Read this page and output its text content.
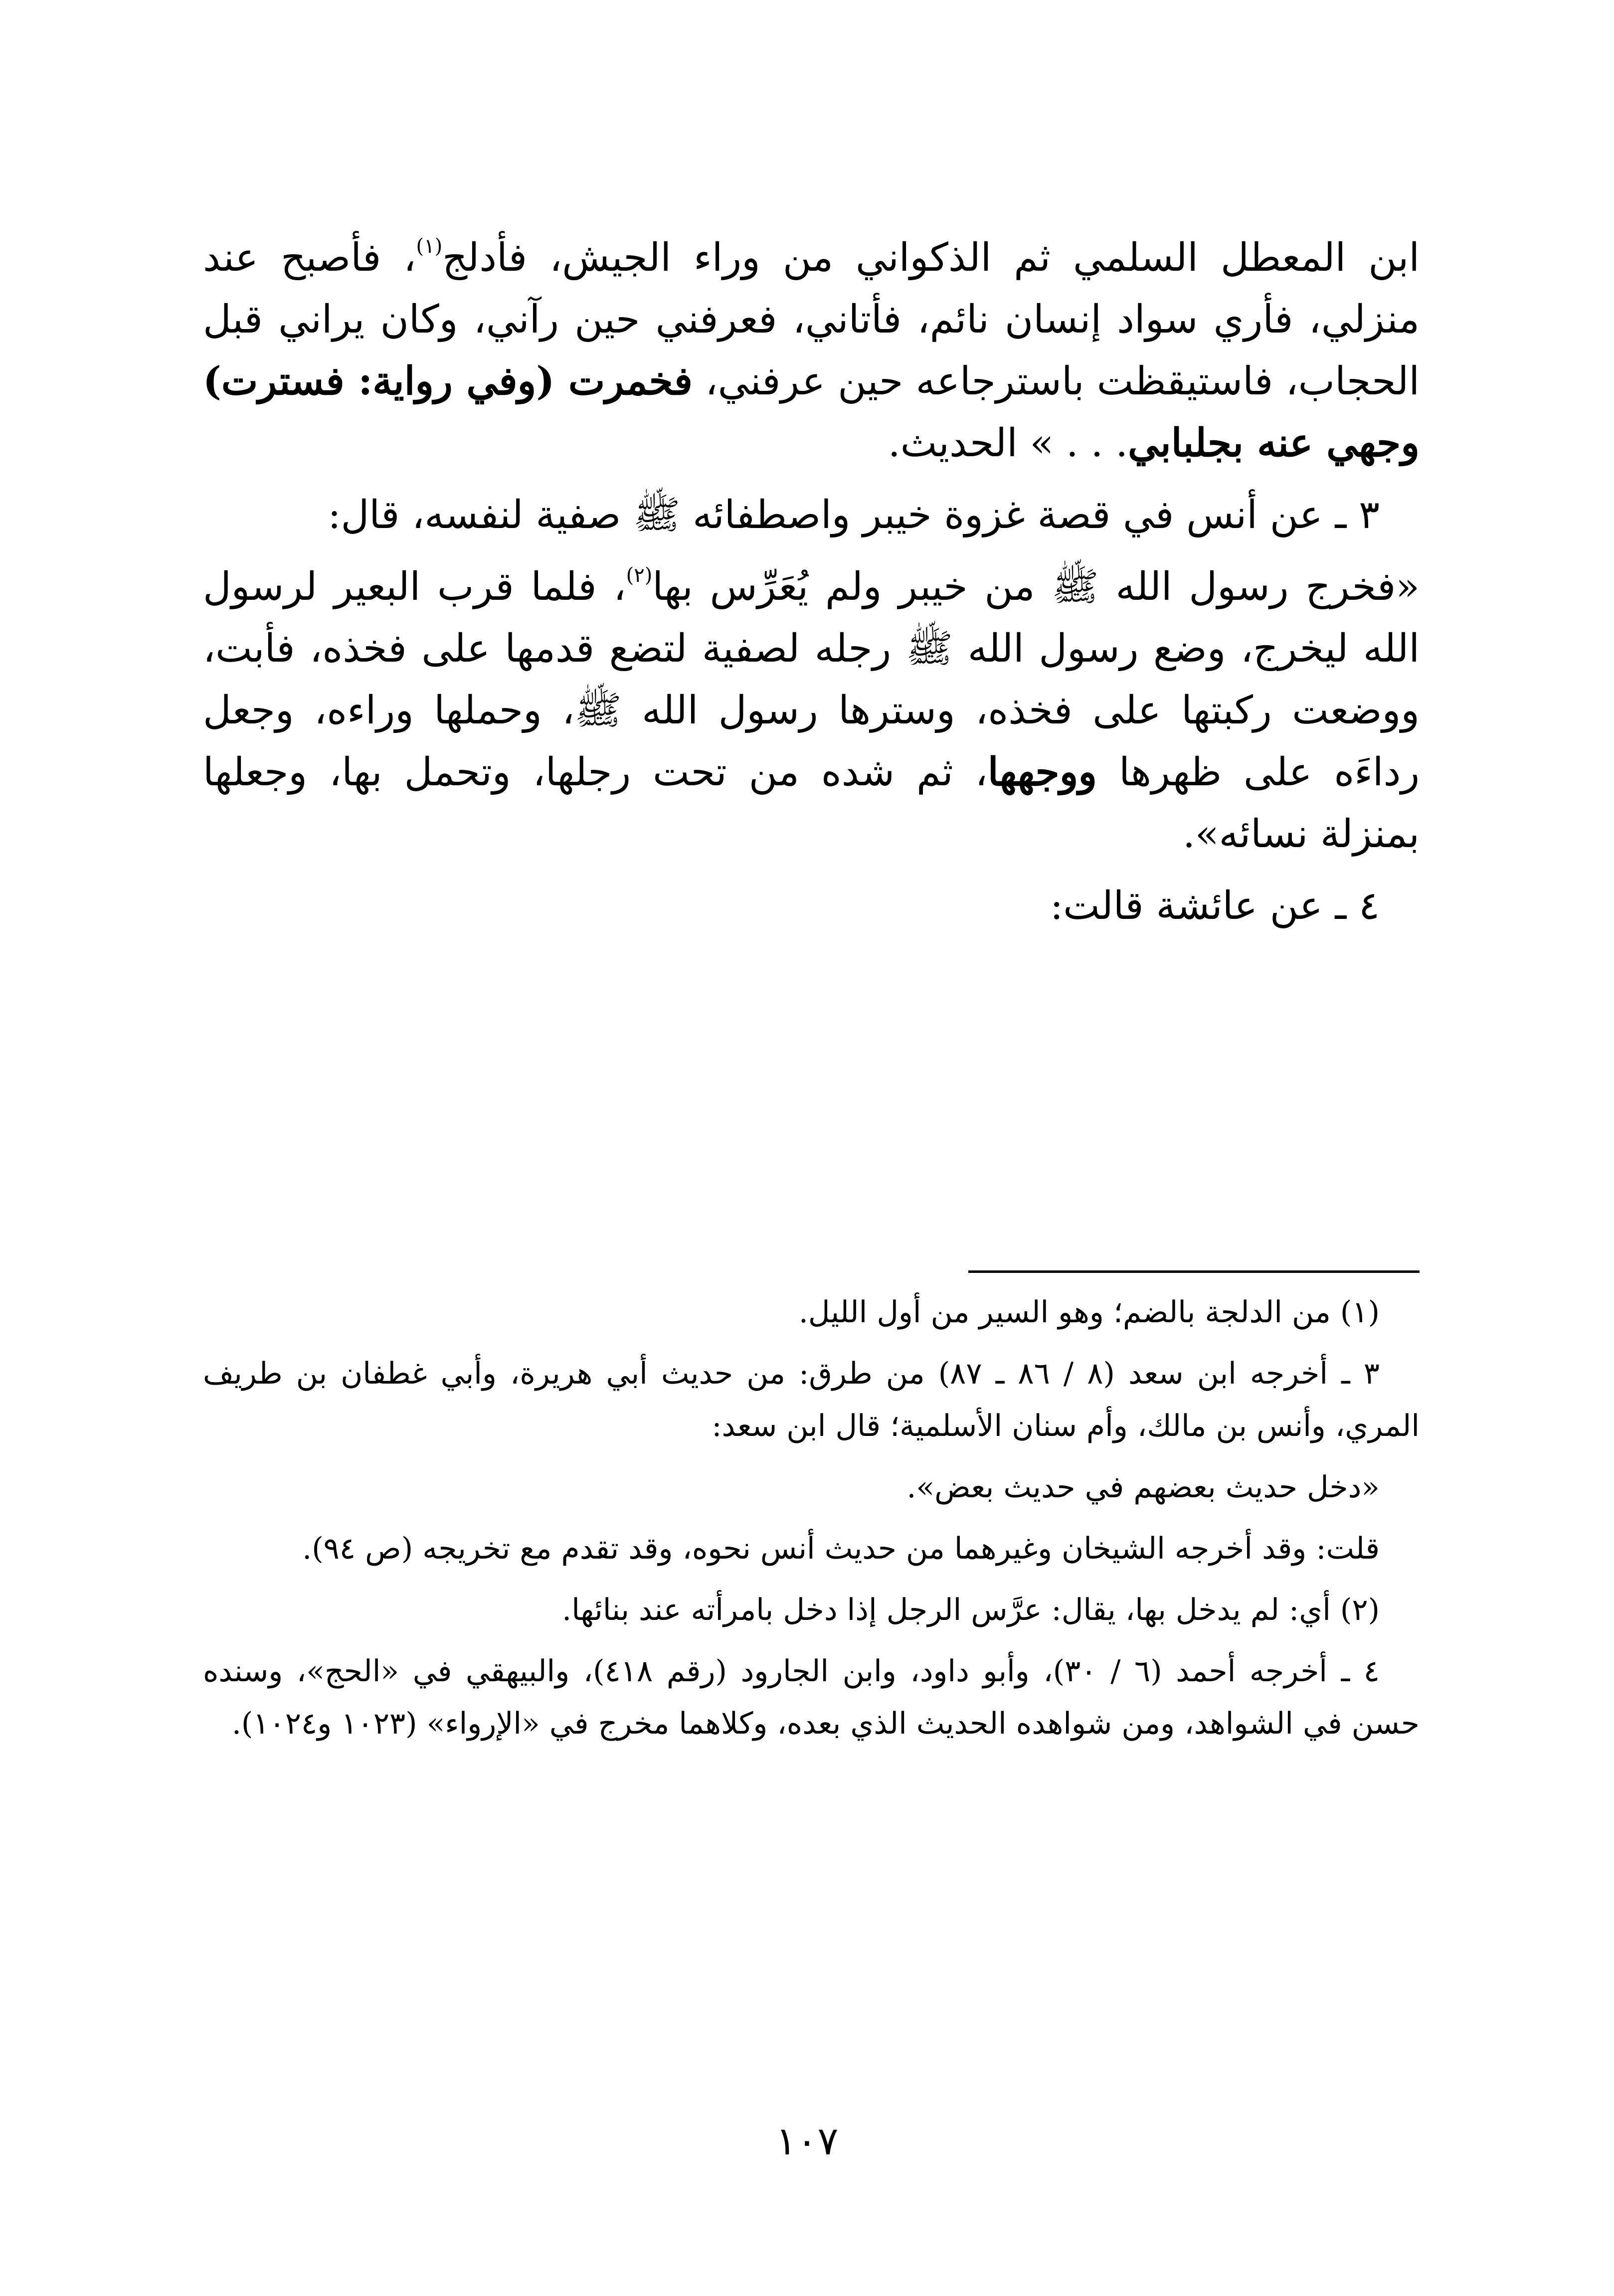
ابن المعطل السلمي ثم الذكواني من وراء الجيش، فأدلج$^{(١)}$، فأصبح عند منزلي، فأري سواد إنسان نائم، فأتاني، فعرفني حين رآني، وكان يراني قبل الحجاب، فاستيقظت باسترجاعه حين عرفني، فخمرت (وفي رواية: فسترت) وجهي عنه بجلبابي. . . » الحديث.

٣ ـ عن أنس في قصة غزوة خيبر واصطفائه ﷺ صفية لنفسه، قال:

«فخرج رسول الله ﷺ من خيبر ولم يُعَرِّس بها$^{(٢)}$، فلما قرب البعير لرسول الله ليخرج، وضع رسول الله ﷺ رجله لصفية لتضع قدمها على فخذه، فأبت، ووضعت ركبتها على فخذه، وسترها رسول الله ﷺ، وحملها وراءه، وجعل رداءَه على ظهرها ووجهها، ثم شده من تحت رجلها، وتحمل بها، وجعلها بمنزلة نسائه».

٤ ـ عن عائشة قالت:

(١) من الدلجة بالضم؛ وهو السير من أول الليل.

٣ ـ أخرجه ابن سعد (٨ / ٨٦ ـ ٨٧) من طرق: من حديث أبي هريرة، وأبي غطفان بن طريف المري، وأنس بن مالك، وأم سنان الأسلمية؛ قال ابن سعد:

«دخل حديث بعضهم في حديث بعض».

قلت: وقد أخرجه الشيخان وغيرهما من حديث أنس نحوه، وقد تقدم مع تخريجه (ص ٩٤).

(٢) أي: لم يدخل بها، يقال: عرَّس الرجل إذا دخل بامرأته عند بنائها.

٤ ـ أخرجه أحمد (٦ / ٣٠)، وأبو داود، وابن الجارود (رقم ٤١٨)، والبيهقي في «الحج»، وسنده حسن في الشواهد، ومن شواهده الحديث الذي بعده، وكلاهما مخرج في «الإرواء» (١٠٢٣ و١٠٢٤).

١٠٧
